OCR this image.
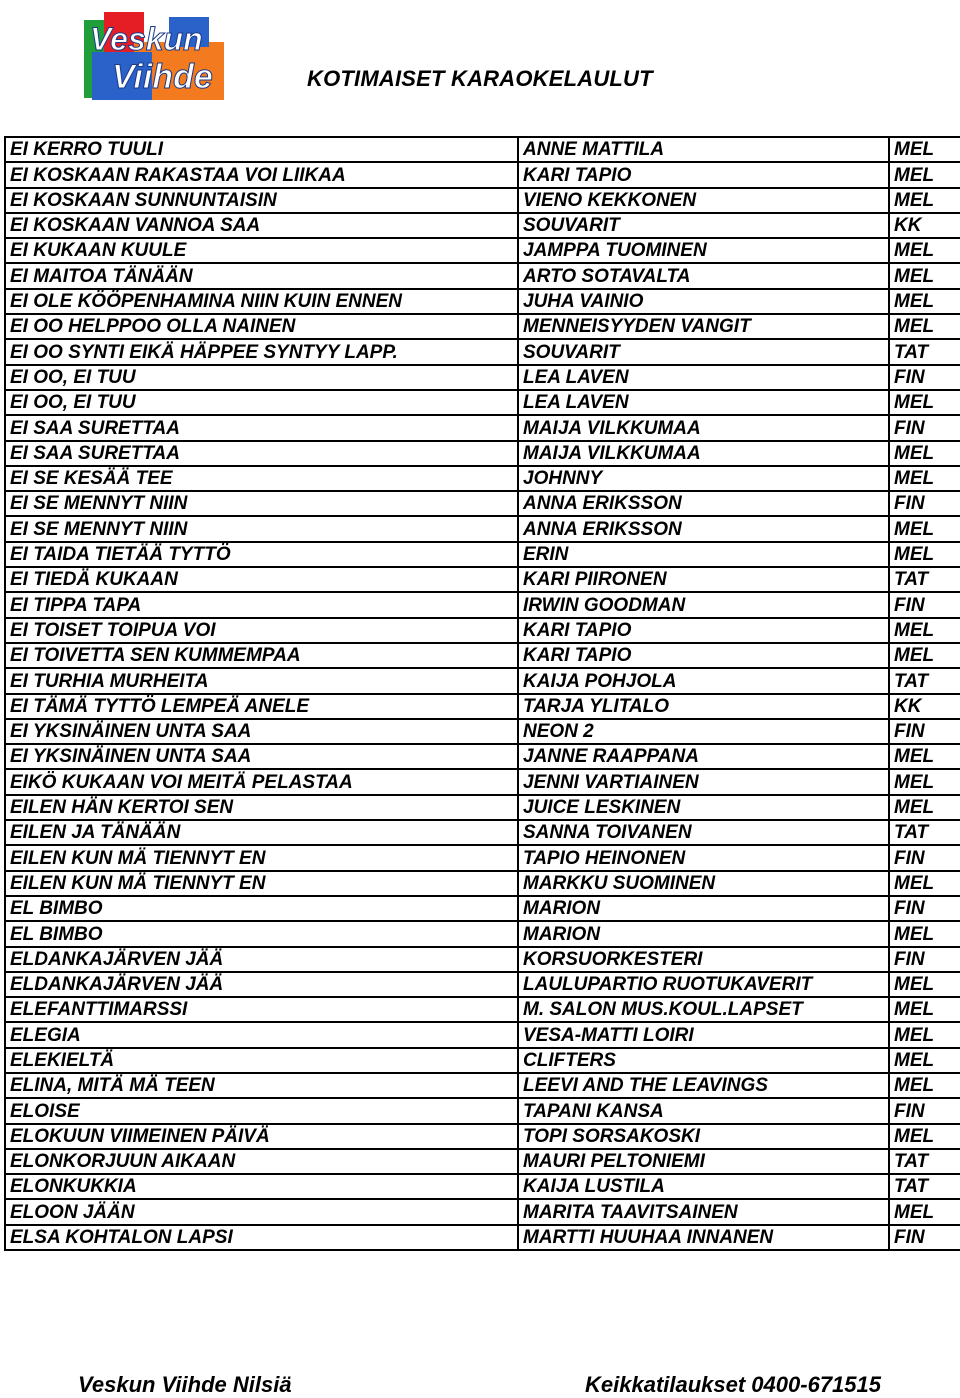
Veskun
Viihde	KOTIMAISET KARAOKELAULUT
EI KERRO TUULI	ANNE MATTILA	MEL
EI KOSKAAN RAKASTAA VOI LIIKAA	KARI TAPIO	MEL
EI KOSKAAN SUNNUNTAISIN	VIENO KEKKONEN	MEL
EI KOSKAAN VANNOA SAA	SOUVARIT	KK
EI KUKAAN KUULE	JAMPPA TUOMINEN	MEL
EI MAITOA TÄNÄÄN	ARTO SOTAVALTA	MEL
EI OLE KÖÖPENHAMINA NIIN KUIN ENNEN	JUHA VAINIO	MEL
EI OO HELPPOO OLLA NAINEN	MENNEISYYDEN VANGIT	MEL
EI OO SYNTI EIKÄ HÄPPEE SYNTYY LAPP.	SOUVARIT	TAT
EI OO, EI TUU	LEA LAVEN	FIN
EI OO, EI TUU	LEA LAVEN	MEL
EI SAA SURETTAA	MAIJA VILKKUMAA	FIN
EI SAA SURETTAA	MAIJA VILKKUMAA	MEL
EI SE KESÄÄ TEE	JOHNNY	MEL
EI SE MENNYT NIIN	ANNA ERIKSSON	FIN
EI SE MENNYT NIIN	ANNA ERIKSSON	MEL
EI TAIDA TIETÄÄ TYTTÖ	ERIN	MEL
EI TIEDÄ KUKAAN	KARI PIIRONEN	TAT
EI TIPPA TAPA	IRWIN GOODMAN	FIN
EI TOISET TOIPUA VOI	KARI TAPIO	MEL
EI TOIVETTA SEN KUMMEMPAA	KARI TAPIO	MEL
EI TURHIA MURHEITA	KAIJA POHJOLA	TAT
EI TÄMÄ TYTTÖ LEMPEÄ ANELE	TARJA YLITALO	KK
EI YKSINÄINEN UNTA SAA	NEON 2	FIN
EI YKSINÄINEN UNTA SAA	JANNE RAAPPANA	MEL
EIKÖ KUKAAN VOI MEITÄ PELASTAA	JENNI VARTIAINEN	MEL
EILEN HÄN KERTOI SEN	JUICE LESKINEN	MEL
EILEN JA TÄNÄÄN	SANNA TOIVANEN	TAT
EILEN KUN MÄ TIENNYT EN	TAPIO HEINONEN	FIN
EILEN KUN MÄ TIENNYT EN	MARKKU SUOMINEN	MEL
EL BIMBO	MARION	FIN
EL BIMBO	MARION	MEL
ELDANKAJÄRVEN JÄÄ	KORSUORKESTERI	FIN
ELDANKAJÄRVEN JÄÄ	LAULUPARTIO RUOTUKAVERIT	MEL
ELEFANTTIMARSSI	M. SALON MUS.KOUL.LAPSET	MEL
ELEGIA	VESA-MATTI LOIRI	MEL
ELEKIELTÄ	CLIFTERS	MEL
ELINA, MITÄ MÄ TEEN	LEEVI AND THE LEAVINGS	MEL
ELOISE	TAPANI KANSA	FIN
ELOKUUN VIIMEINEN PÄIVÄ	TOPI SORSAKOSKI	MEL
ELONKORJUUN AIKAAN	MAURI PELTONIEMI	TAT
ELONKUKKIA	KAIJA LUSTILA	TAT
ELOON JÄÄN	MARITA TAAVITSAINEN	MEL
ELSA KOHTALON LAPSI	MARTTI HUUHAA INNANEN	FIN
Veskun Viihde Nilsiä	Keikkatilaukset 0400-671515
